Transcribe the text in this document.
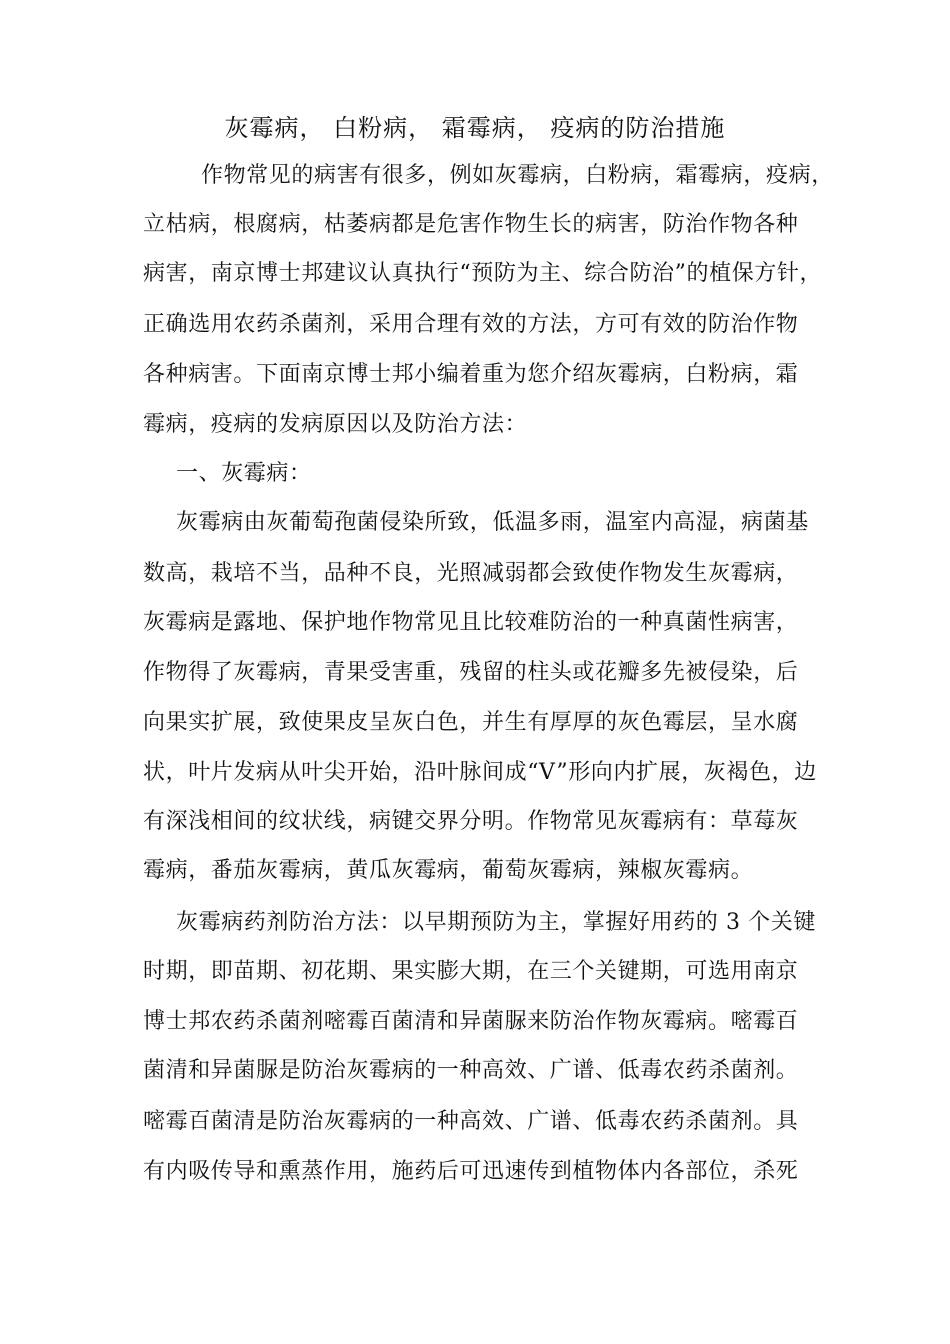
灰霉病， 白粉病， 霜霉病， 疫病的防治措施
作物常见的病害有很多，例如灰霉病，白粉病，霜霉病，疫病，
立枯病，根腐病，枯萎病都是危害作物生长的病害，防治作物各种
病害，南京博士邦建议认真执行“预防为主、综合防治”的植保方针，
正确选用农药杀菌剂，采用合理有效的方法，方可有效的防治作物
各种病害。下面南京博士邦小编着重为您介绍灰霉病，白粉病，霜
霉病，疫病的发病原因以及防治方法：
一、灰霉病：
灰霉病由灰葡萄孢菌侵染所致，低温多雨，温室内高湿，病菌基
数高，栽培不当，品种不良，光照减弱都会致使作物发生灰霉病，
灰霉病是露地、保护地作物常见且比较难防治的一种真菌性病害，
作物得了灰霉病，青果受害重，残留的柱头或花瓣多先被侵染，后
向果实扩展，致使果皮呈灰白色，并生有厚厚的灰色霉层，呈水腐
状，叶片发病从叶尖开始，沿叶脉间成“V”形向内扩展，灰褐色，边
有深浅相间的纹状线，病键交界分明。作物常见灰霉病有：草莓灰
霉病，番茄灰霉病，黄瓜灰霉病，葡萄灰霉病，辣椒灰霉病。
灰霉病药剂防治方法：以早期预防为主，掌握好用药的 3 个关键
时期，即苗期、初花期、果实膨大期，在三个关键期，可选用南京
博士邦农药杀菌剂嘧霉百菌清和异菌脲来防治作物灰霉病。嘧霉百
菌清和异菌脲是防治灰霉病的一种高效、广谱、低毒农药杀菌剂。
嘧霉百菌清是防治灰霉病的一种高效、广谱、低毒农药杀菌剂。具
有内吸传导和熏蒸作用，施药后可迅速传到植物体内各部位，杀死
